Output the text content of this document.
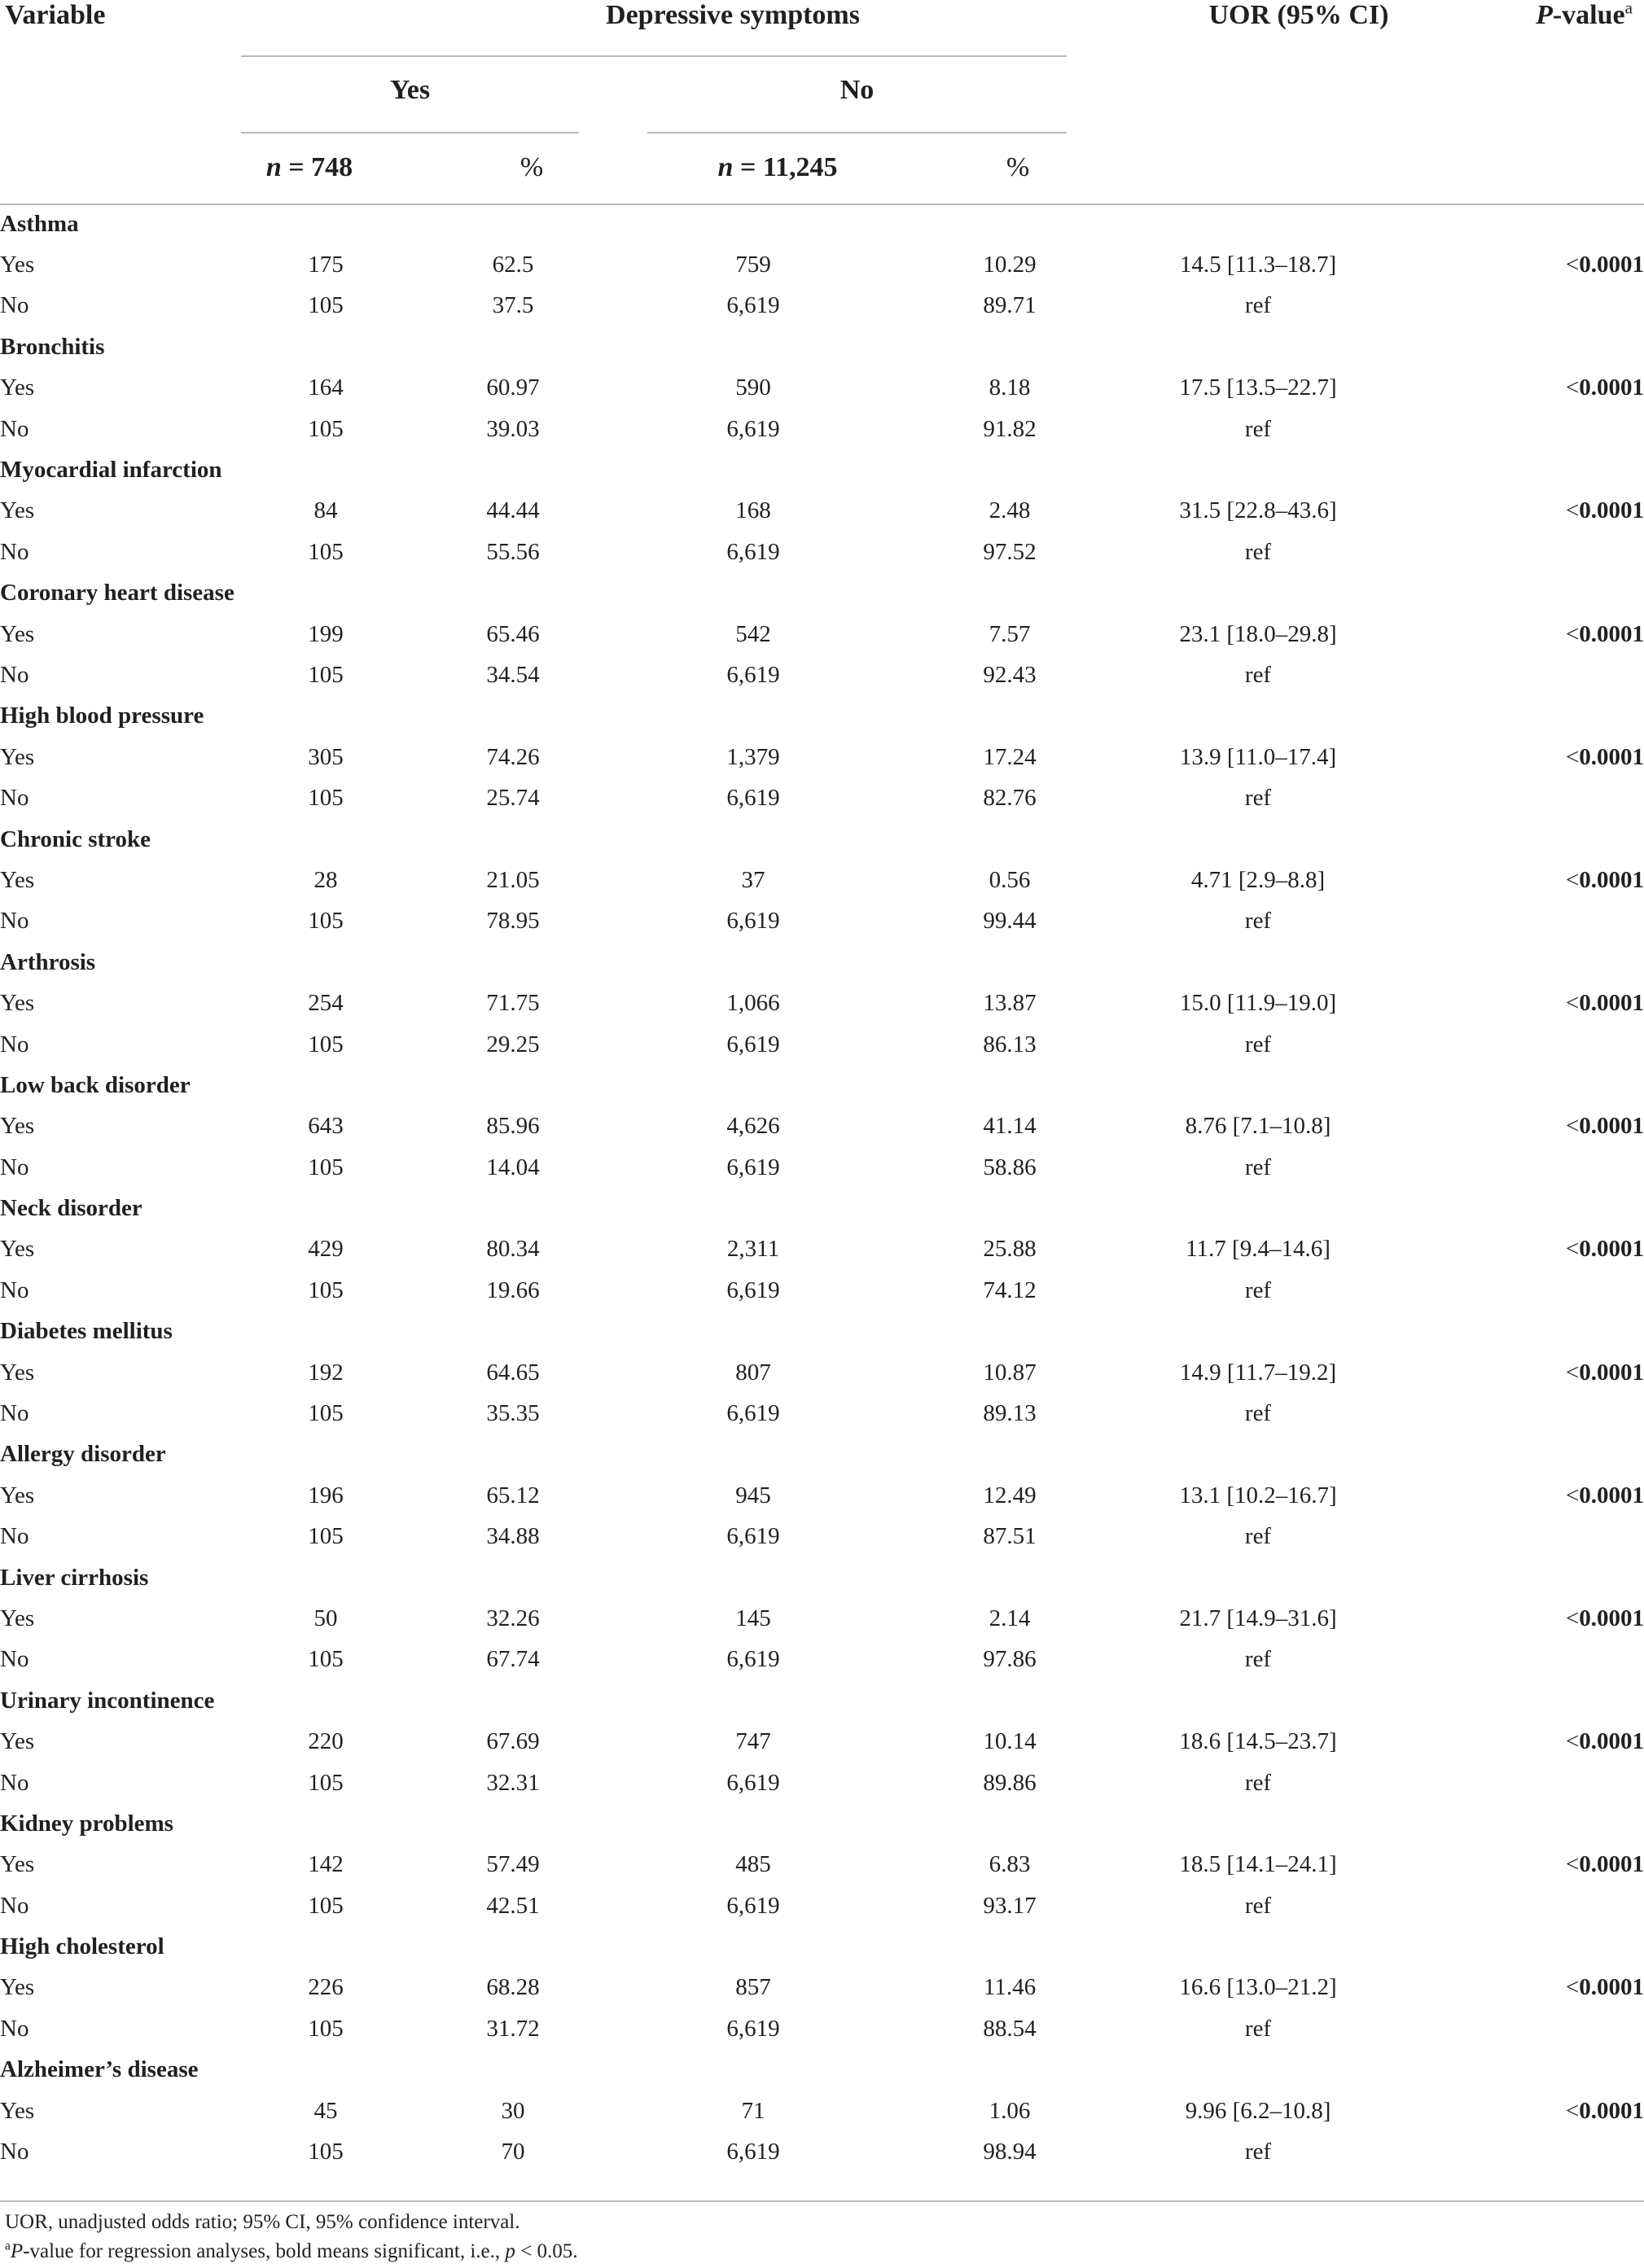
Variable	Depressive symptoms	UOR (95% CI)	P-value$^a$
Yes	No
n = 748	%	n = 11,245	%
Asthma						
Yes	175	62.5	759	10.29	14.5 [11.3–18.7]	<0.0001
No	105	37.5	6,619	89.71	ref	
Bronchitis						
Yes	164	60.97	590	8.18	17.5 [13.5–22.7]	<0.0001
No	105	39.03	6,619	91.82	ref	
Myocardial infarction						
Yes	84	44.44	168	2.48	31.5 [22.8–43.6]	<0.0001
No	105	55.56	6,619	97.52	ref	
Coronary heart disease						
Yes	199	65.46	542	7.57	23.1 [18.0–29.8]	<0.0001
No	105	34.54	6,619	92.43	ref	
High blood pressure						
Yes	305	74.26	1,379	17.24	13.9 [11.0–17.4]	<0.0001
No	105	25.74	6,619	82.76	ref	
Chronic stroke						
Yes	28	21.05	37	0.56	4.71 [2.9–8.8]	<0.0001
No	105	78.95	6,619	99.44	ref	
Arthrosis						
Yes	254	71.75	1,066	13.87	15.0 [11.9–19.0]	<0.0001
No	105	29.25	6,619	86.13	ref	
Low back disorder						
Yes	643	85.96	4,626	41.14	8.76 [7.1–10.8]	<0.0001
No	105	14.04	6,619	58.86	ref	
Neck disorder						
Yes	429	80.34	2,311	25.88	11.7 [9.4–14.6]	<0.0001
No	105	19.66	6,619	74.12	ref	
Diabetes mellitus						
Yes	192	64.65	807	10.87	14.9 [11.7–19.2]	<0.0001
No	105	35.35	6,619	89.13	ref	
Allergy disorder						
Yes	196	65.12	945	12.49	13.1 [10.2–16.7]	<0.0001
No	105	34.88	6,619	87.51	ref	
Liver cirrhosis						
Yes	50	32.26	145	2.14	21.7 [14.9–31.6]	<0.0001
No	105	67.74	6,619	97.86	ref	
Urinary incontinence						
Yes	220	67.69	747	10.14	18.6 [14.5–23.7]	<0.0001
No	105	32.31	6,619	89.86	ref	
Kidney problems						
Yes	142	57.49	485	6.83	18.5 [14.1–24.1]	<0.0001
No	105	42.51	6,619	93.17	ref	
High cholesterol						
Yes	226	68.28	857	11.46	16.6 [13.0–21.2]	<0.0001
No	105	31.72	6,619	88.54	ref	
Alzheimer’s disease						
Yes	45	30	71	1.06	9.96 [6.2–10.8]	<0.0001
No	105	70	6,619	98.94	ref	
UOR, unadjusted odds ratio; 95% CI, 95% confidence interval.
$^a$P-value for regression analyses, bold means significant, i.e., p < 0.05.
